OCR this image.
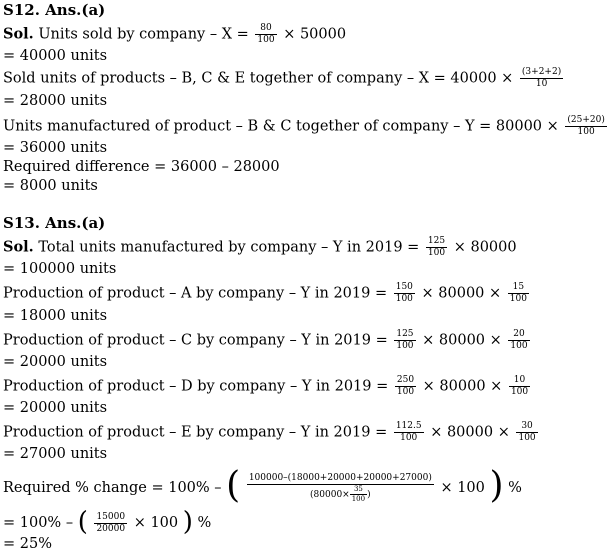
S12. Ans.(a)
Sol. Units sold by company – $X = \frac{80}{100} \times 50000$
= 40000 units
Sold units of products – B, C & E together of company – $X = 40000 \times \frac{(3+2+2)}{10}$
= 28000 units
Units manufactured of product – B & C together of company – $Y = 80000 \times \frac{(25+20)}{100}$
= 36000 units
Required difference = 36000 – 28000
= 8000 units
S13. Ans.(a)
Sol. Total units manufactured by company – Y in $2019 = \frac{125}{100} \times 80000$
= 100000 units
Production of product – A by company – Y in $2019 = \frac{150}{100} \times 80000 \times \frac{15}{100}$
= 18000 units
Production of product – C by company – Y in $2019 = \frac{125}{100} \times 80000 \times \frac{20}{100}$
= 20000 units
Production of product – D by company – Y in $2019 = \frac{250}{100} \times 80000 \times \frac{10}{100}$
= 20000 units
Production of product – E by company – Y in $2019 = \frac{112.5}{100} \times 80000 \times \frac{30}{100}$
= 27000 units
Required % change = 100% – ( $\frac{100000-(18000+20000+20000+27000)}{(80000\times \frac{35}{100} )} \times 100$ ) %
= 100% – ( $\frac{15000}{20000} \times 100$ ) %
= 25%
